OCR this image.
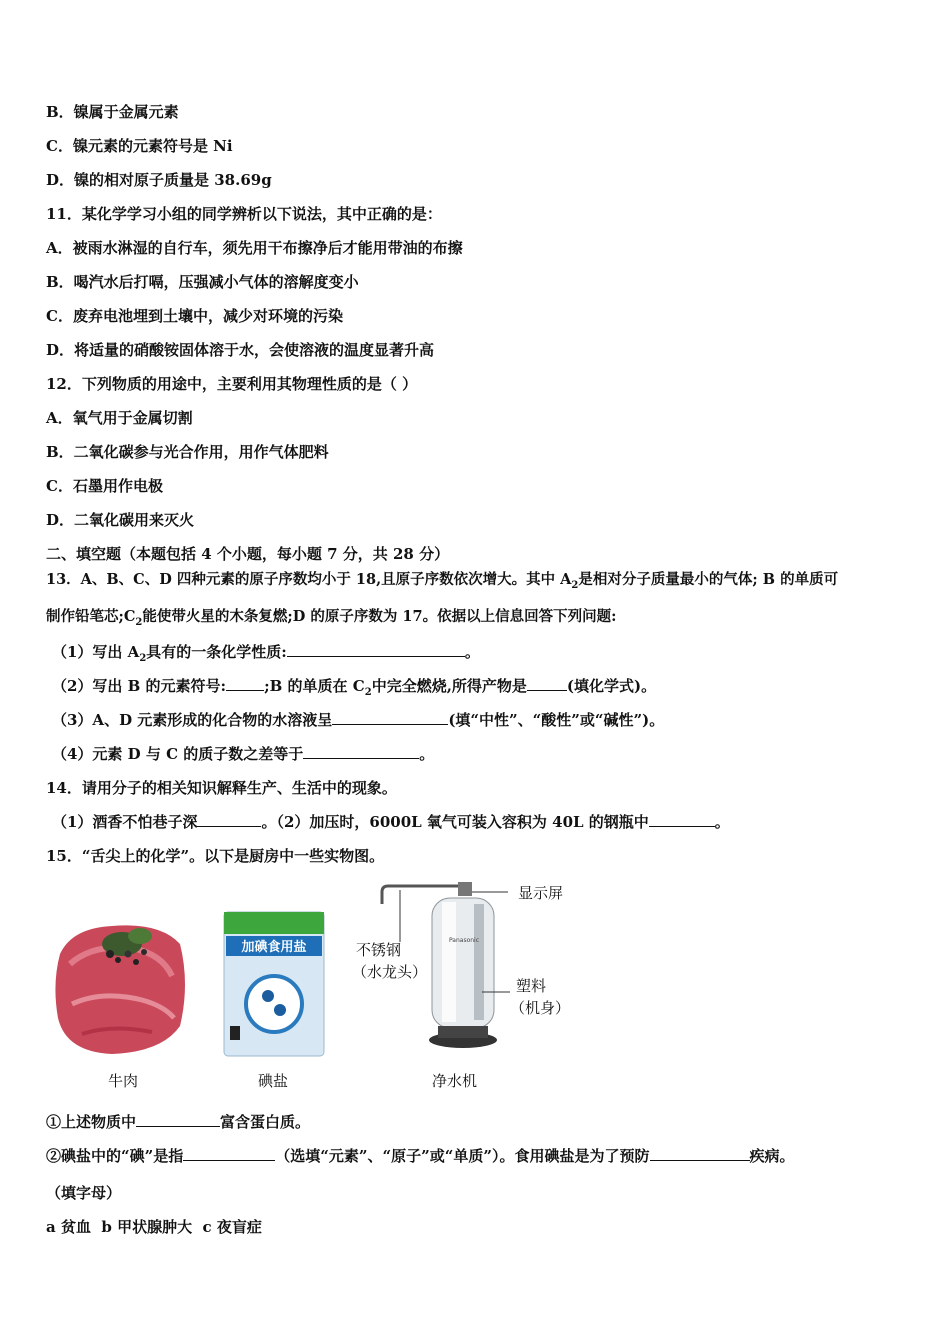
B．镍属于金属元素
C．镍元素的元素符号是 Ni
D．镍的相对原子质量是 38.69g
11．某化学学习小组的同学辨析以下说法，其中正确的是：
A．被雨水淋湿的自行车，须先用干布擦净后才能用带油的布擦
B．喝汽水后打嗝，压强减小气体的溶解度变小
C．废弃电池埋到土壤中，减少对环境的污染
D．将适量的硝酸铵固体溶于水，会使溶液的温度显著升高
12．下列物质的用途中，主要利用其物理性质的是（ ）
A．氧气用于金属切割
B．二氧化碳参与光合作用，用作气体肥料
C．石墨用作电极
D．二氧化碳用来灭火
二、填空题（本题包括 4 个小题，每小题 7 分，共 28 分）
13．A、B、C、D 四种元素的原子序数均小于 18,且原子序数依次增大。其中 $A_2$是相对分子质量最小的气体; B 的单质可
制作铅笔芯$;C_2$能使带火星的木条复燃;D 的原子序数为 17。依据以上信息回答下列问题:
（1）写出 $A_2$具有的一条化学性质:	。
（2）写出 B 的元素符号:	;B 的单质在 $C_2$中完全燃烧,所得产物是	(填化学式)。
（3）A、D 元素形成的化合物的水溶液呈	(填“中性”、“酸性”或“碱性”)。
（4）元素 D 与 C 的质子数之差等于	。
14．请用分子的相关知识解释生产、生活中的现象。
（1）酒香不怕巷子深	。（2）加压时，6000L 氧气可装入容积为 40L 的钢瓶中	。
15．“舌尖上的化学”。以下是厨房中一些实物图。
牛肉
加碘食用盐
碘盐
Panasonic
显示屏
不锈钢
（水龙头）
塑料
（机身）
净水机
①上述物质中	富含蛋白质。
②碘盐中的“碘”是指	（选填“元素”、“原子”或“单质”）。食用碘盐是为了预防	疾病。
（填字母）
a 贫血  b 甲状腺肿大  c 夜盲症
